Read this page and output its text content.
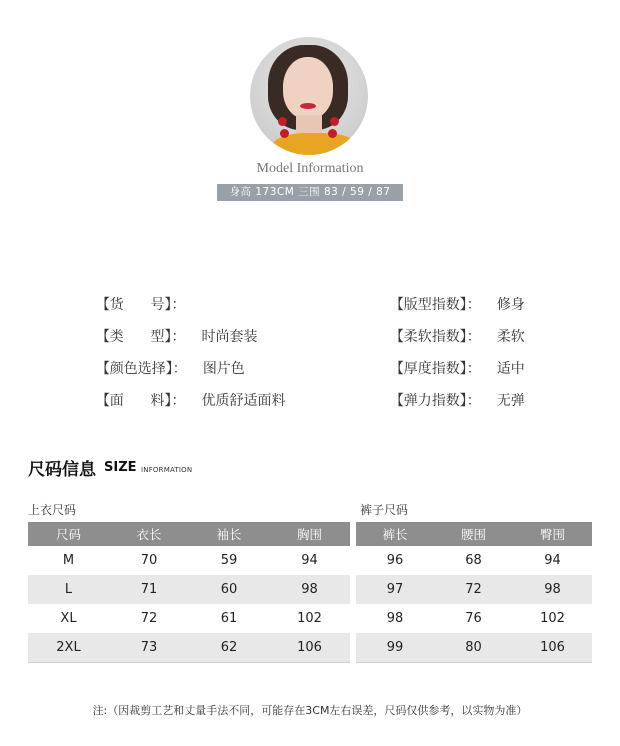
Model Information
身高 173CM 三围 83 / 59 / 87

【货      号】：

【类      型】： 时尚套装

【颜色选择】： 图片色

【面      料】： 优质舒适面料

【版型指数】： 修身

【柔软指数】： 柔软

【厚度指数】： 适中

【弹力指数】： 无弹

尺码信息 SIZE INFORMATION
上衣尺码	裤子尺码
尺码	衣长	袖长	胸围
M	70	59	94
L	71	60	98
XL	72	61	102
2XL	73	62	106
裤长	腰围	臀围
96	68	94
97	72	98
98	76	102
99	80	106
注:（因裁剪工艺和丈量手法不同，可能存在3CM左右误差，尺码仅供参考，以实物为准）
